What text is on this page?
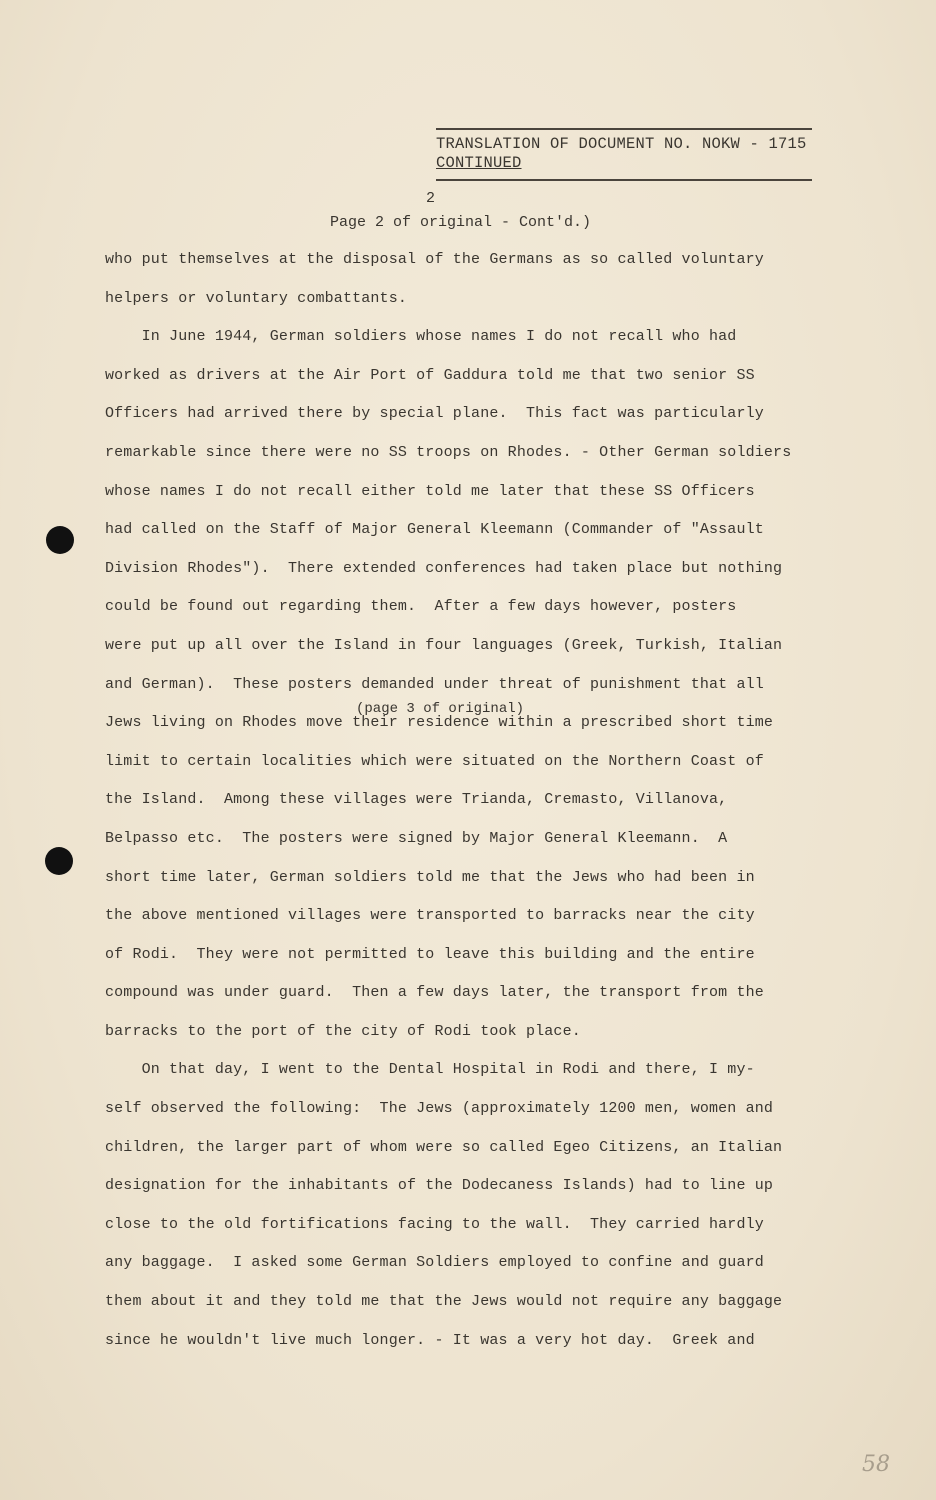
TRANSLATION OF DOCUMENT NO. NOKW - 1715
CONTINUED
2
Page 2 of original - Cont'd.)
who put themselves at the disposal of the Germans as so called voluntary
helpers or voluntary combattants.
In June 1944, German soldiers whose names I do not recall who had
worked as drivers at the Air Port of Gaddura told me that two senior SS
Officers had arrived there by special plane.  This fact was particularly
remarkable since there were no SS troops on Rhodes. - Other German soldiers
whose names I do not recall either told me later that these SS Officers
had called on the Staff of Major General Kleemann (Commander of "Assault
Division Rhodes").  There extended conferences had taken place but nothing
could be found out regarding them.  After a few days however, posters
were put up all over the Island in four languages (Greek, Turkish, Italian
and German).  These posters demanded under threat of punishment that all
Jews living on Rhodes move their residence within a prescribed short time
limit to certain localities which were situated on the Northern Coast of
the Island.  Among these villages were Trianda, Cremasto, Villanova,
Belpasso etc.  The posters were signed by Major General Kleemann.  A
short time later, German soldiers told me that the Jews who had been in
the above mentioned villages were transported to barracks near the city
of Rodi.  They were not permitted to leave this building and the entire
compound was under guard.  Then a few days later, the transport from the
barracks to the port of the city of Rodi took place.
On that day, I went to the Dental Hospital in Rodi and there, I my-
self observed the following:  The Jews (approximately 1200 men, women and
children, the larger part of whom were so called Egeo Citizens, an Italian
designation for the inhabitants of the Dodecaness Islands) had to line up
close to the old fortifications facing to the wall.  They carried hardly
any baggage.  I asked some German Soldiers employed to confine and guard
them about it and they told me that the Jews would not require any baggage
since he wouldn't live much longer. - It was a very hot day.  Greek and
(page 3 of original)
58
